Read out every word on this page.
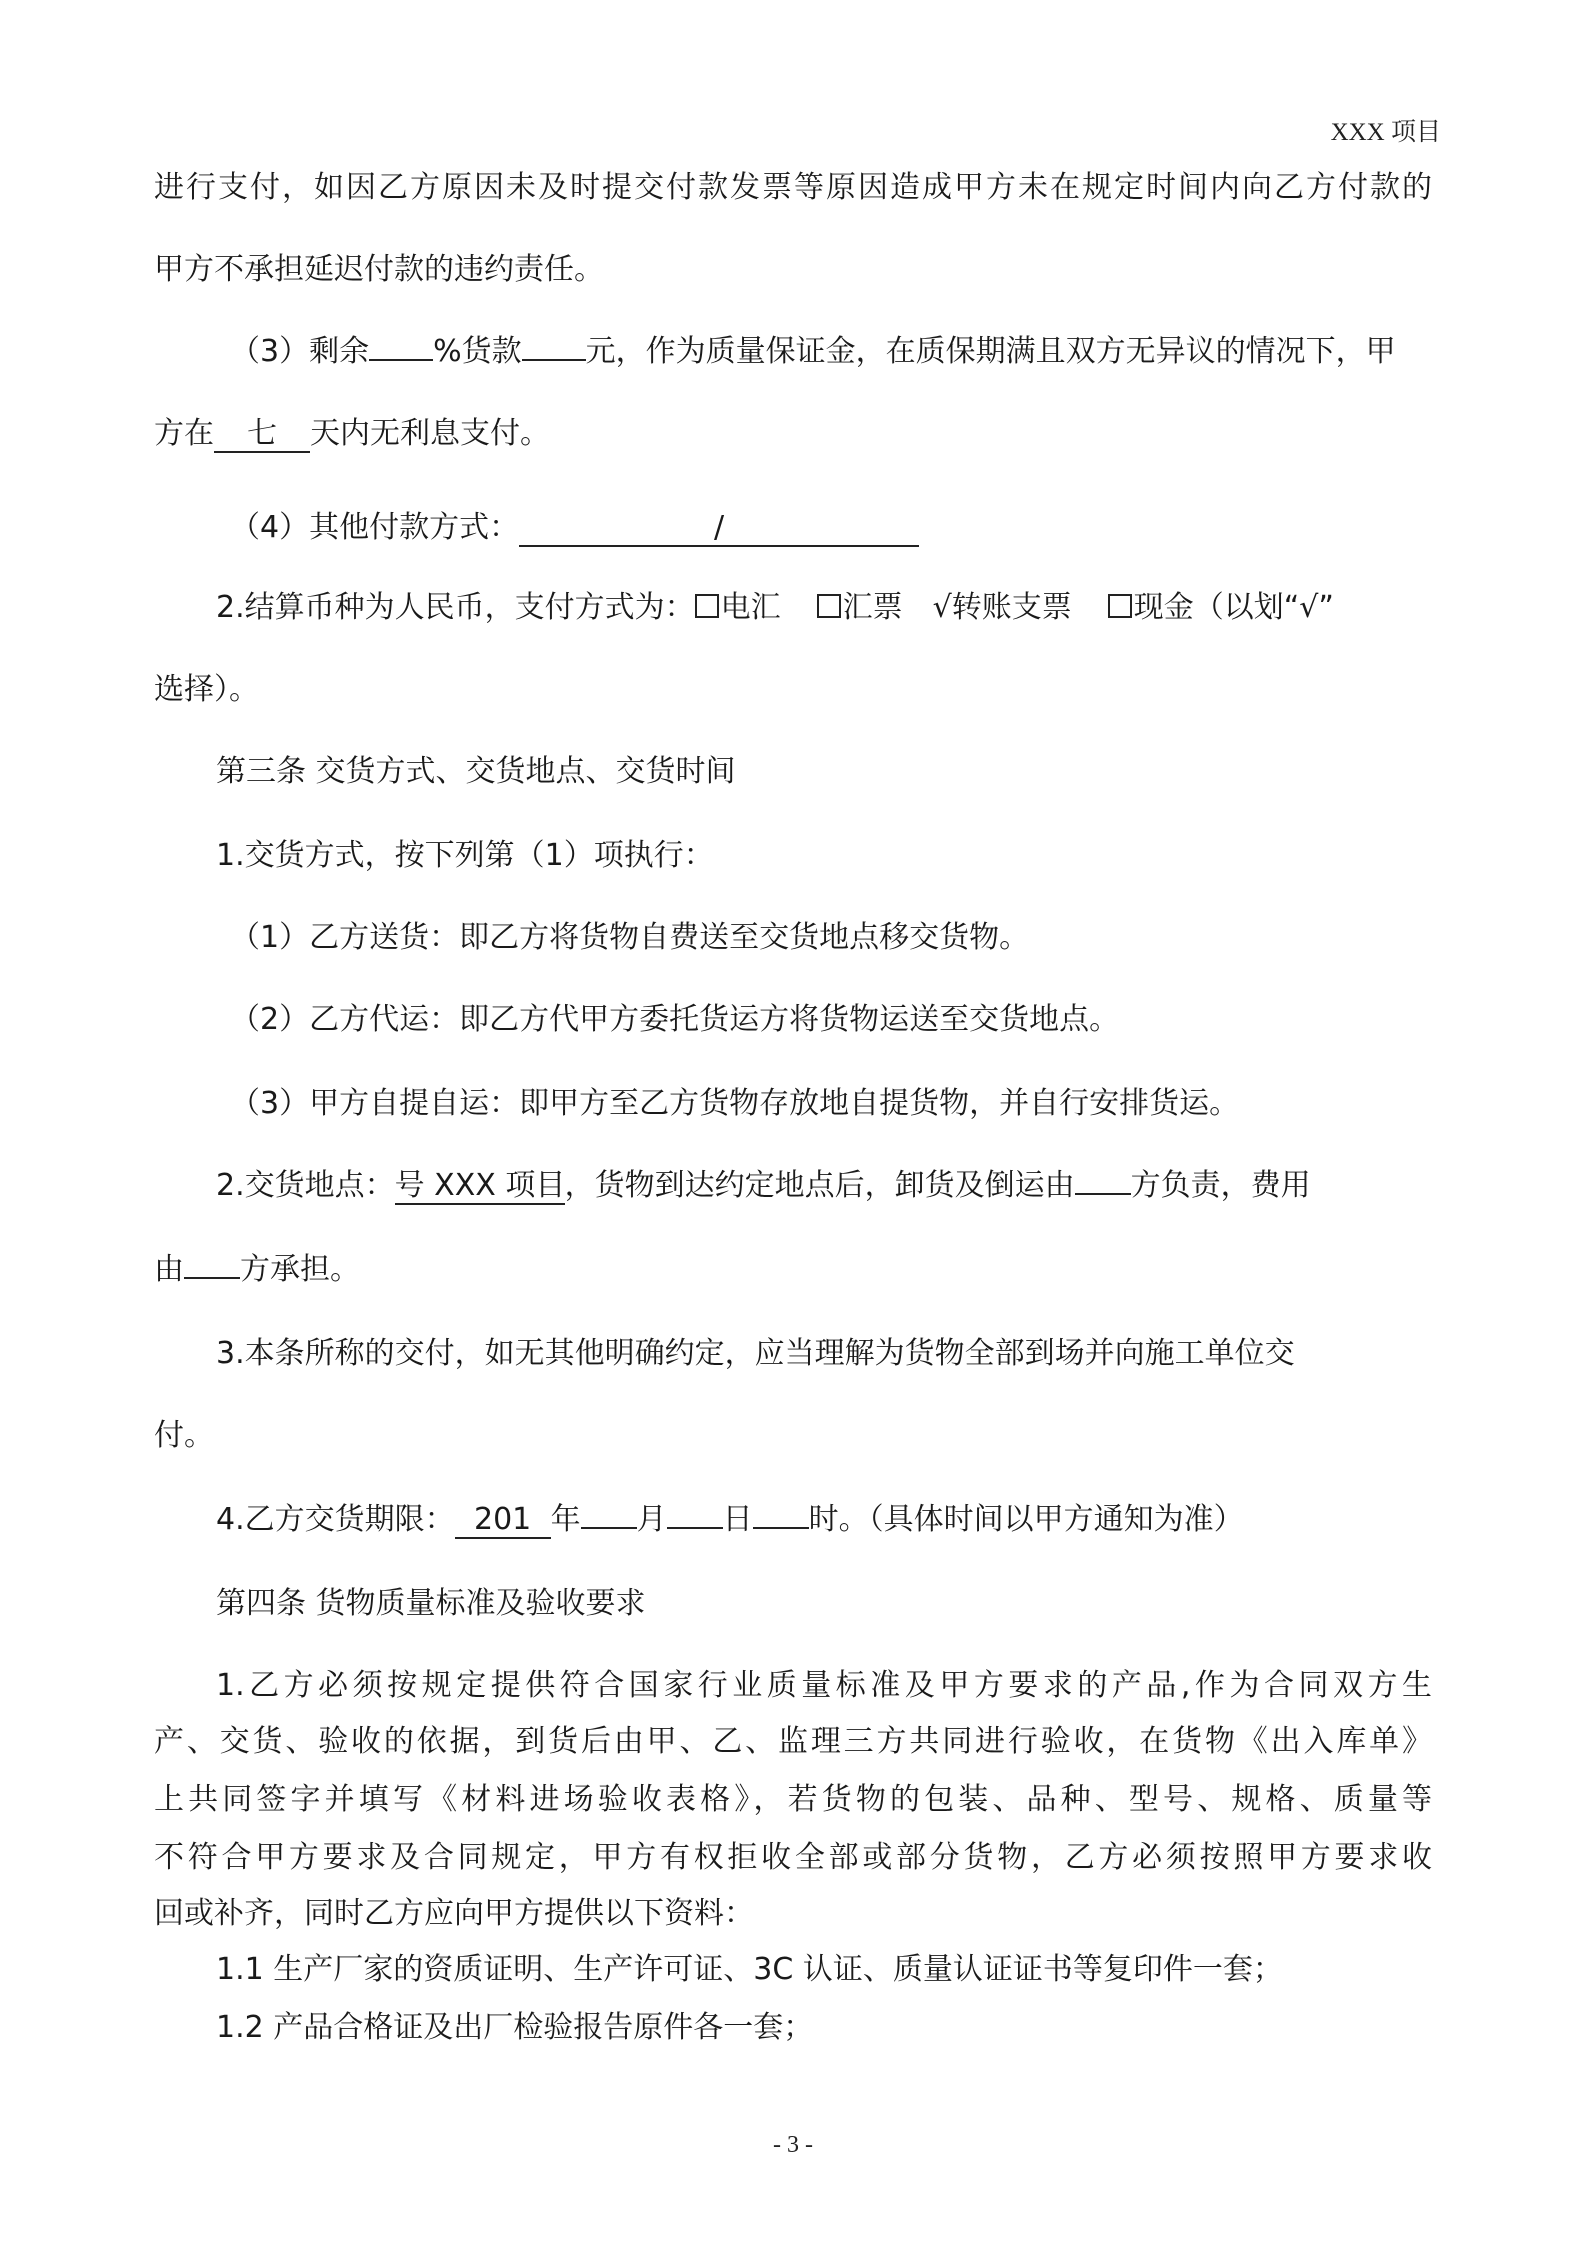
XXX 项目
进行支付，如因乙方原因未及时提交付款发票等原因造成甲方未在规定时间内向乙方付款的
甲方不承担延迟付款的违约责任。
（3）剩余 %货款 元，作为质量保证金，在质保期满且双方无异议的情况下，甲
方在 七 天内无利息支付。
（4）其他付款方式：	/
2.结算币种为人民币，支付方式为： 电汇 汇票 √转账支票 现金（以划“√”
选择）。
第三条 交货方式、交货地点、交货时间
1.交货方式，按下列第（1）项执行：
（1）乙方送货：即乙方将货物自费送至交货地点移交货物。
（2）乙方代运：即乙方代甲方委托货运方将货物运送至交货地点。
（3）甲方自提自运：即甲方至乙方货物存放地自提货物，并自行安排货运。
2.交货地点：号 XXX 项目，货物到达约定地点后，卸货及倒运由 方负责，费用
由 方承担。
3.本条所称的交付，如无其他明确约定，应当理解为货物全部到场并向施工单位交
付。
4.乙方交货期限： 201 年 月 日 时。（具体时间以甲方通知为准）
第四条 货物质量标准及验收要求
1.乙方必须按规定提供符合国家行业质量标准及甲方要求的产品,作为合同双方生
产、交货、验收的依据，到货后由甲、乙、监理三方共同进行验收，在货物《出入库单》
上共同签字并填写《材料进场验收表格》，若货物的包装、品种、型号、规格、质量等
不符合甲方要求及合同规定，甲方有权拒收全部或部分货物，乙方必须按照甲方要求收
回或补齐，同时乙方应向甲方提供以下资料：
1.1 生产厂家的资质证明、生产许可证、3C 认证、质量认证证书等复印件一套；
1.2 产品合格证及出厂检验报告原件各一套；
- 3 -
